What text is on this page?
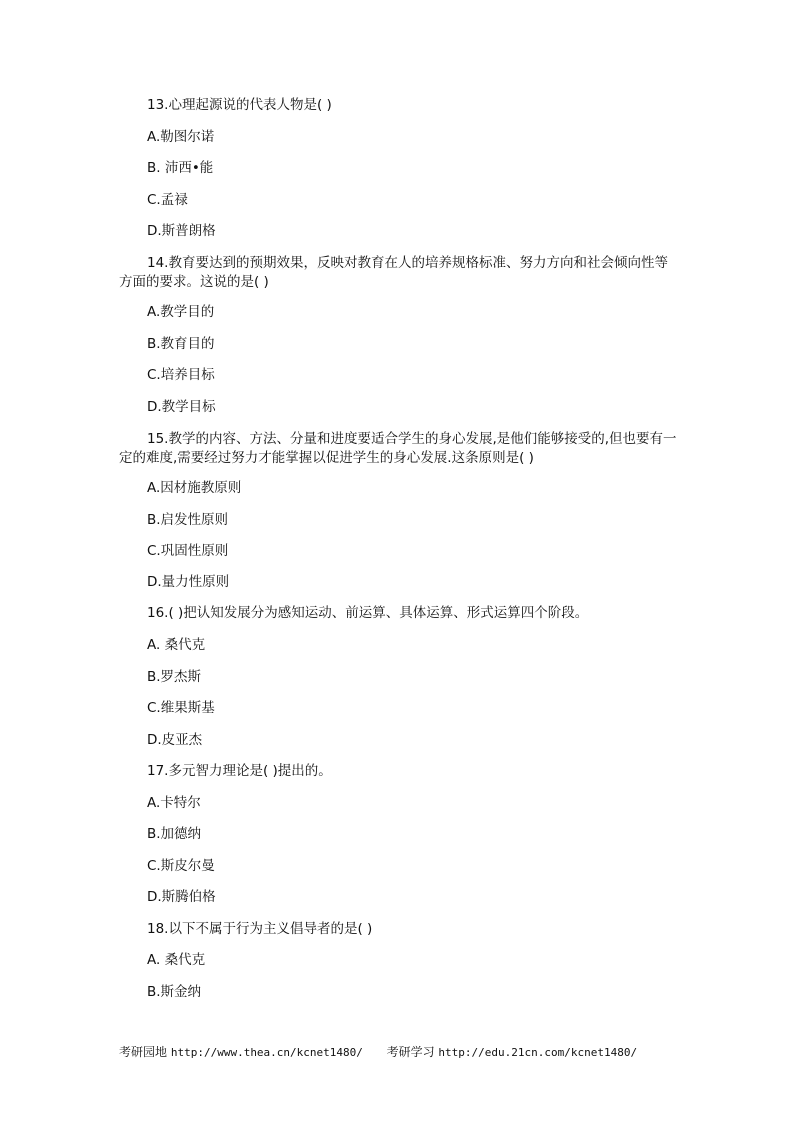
13.心理起源说的代表人物是( )

A.勒图尔诺

B. 沛西•能

C.孟禄

D.斯普朗格

14.教育要达到的预期效果，反映对教育在人的培养规格标准、努力方向和社会倾向性等方面的要求。这说的是( )

A.教学目的

B.教育目的

C.培养目标

D.教学目标

15.教学的内容、方法、分量和进度要适合学生的身心发展,是他们能够接受的,但也要有一定的难度,需要经过努力才能掌握以促进学生的身心发展.这条原则是( )

A.因材施教原则

B.启发性原则

C.巩固性原则

D.量力性原则

16.( )把认知发展分为感知运动、前运算、具体运算、形式运算四个阶段。

A. 桑代克

B.罗杰斯

C.维果斯基

D.皮亚杰

17.多元智力理论是( )提出的。

A.卡特尔

B.加德纳

C.斯皮尔曼

D.斯腾伯格

18.以下不属于行为主义倡导者的是( )

A. 桑代克

B.斯金纳

考研园地 http://www.thea.cn/kcnet1480/ 考研学习 http://edu.21cn.com/kcnet1480/
